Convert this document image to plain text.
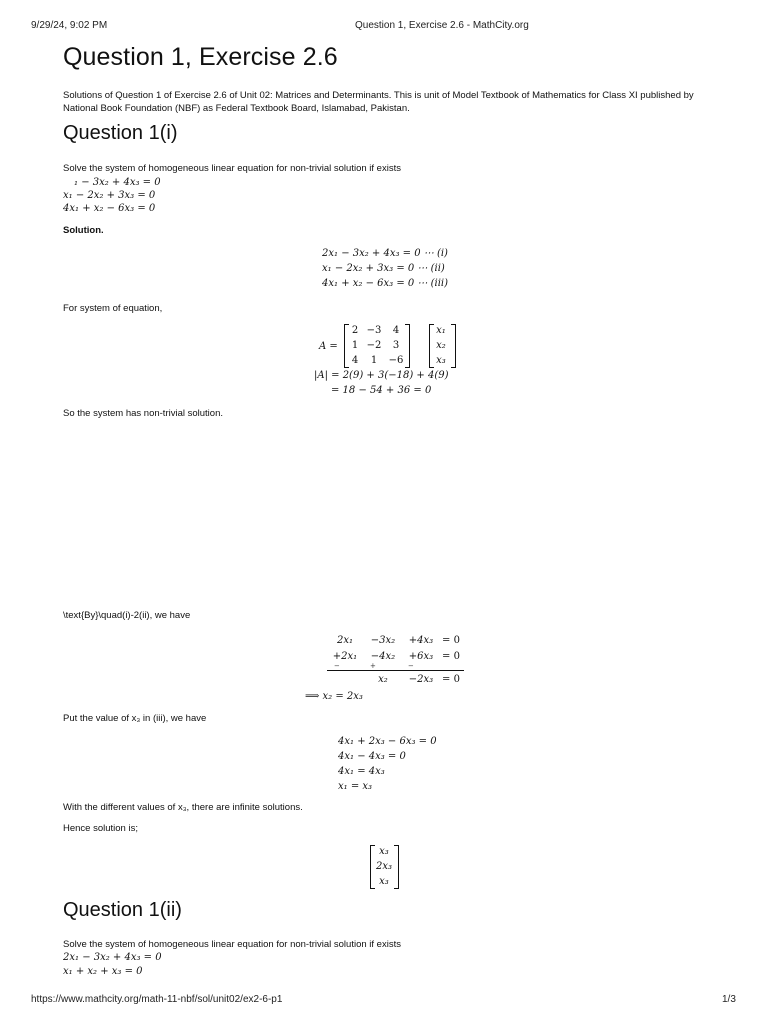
9/29/24, 9:02 PM	Question 1, Exercise 2.6 - MathCity.org
Question 1, Exercise 2.6
Solutions of Question 1 of Exercise 2.6 of Unit 02: Matrices and Determinants. This is unit of Model Textbook of Mathematics for Class XI published by
National Book Foundation (NBF) as Federal Textbook Board, Islamabad, Pakistan.
Question 1(i)
Solve the system of homogeneous linear equation for non-trivial solution if exists
₁ − 3x₂ + 4x₃ = 0
x₁ − 2x₂ + 3x₃ = 0
4x₁ + x₂ − 6x₃ = 0
Solution.
2x₁ − 3x₂ + 4x₃ = 0 ⋯ (i)
x₁ − 2x₂ + 3x₃ = 0 ⋯ (ii)
4x₁ + x₂ − 6x₃ = 0 ⋯ (iii)
For system of equation,
A =
2 −3	4
1 −2	3
4	1	−6
x₁
x₂
x₃
|A| = 2(9) + 3(−18) + 4(9)
= 18 − 54 + 36 = 0
So the system has non-trivial solution.
\text{By}\quad(i)-2(ii), we have
2x₁	−3x₂	+4x₃ = 0
+2x₁	−4x₂	+6x₃ = 0
−	+	−
x₂	−2x₃ = 0
⟹ x₂ = 2x₃
Put the value of x₃ in (iii), we have
4x₁ + 2x₃ − 6x₃ = 0
4x₁ − 4x₃ = 0
4x₁ = 4x₃
x₁ = x₃
With the different values of x₃, there are infinite solutions.
Hence solution is;
x₃
2x₃
x₃
Question 1(ii)
Solve the system of homogeneous linear equation for non-trivial solution if exists
2x₁ − 3x₂ + 4x₃ = 0
x₁ + x₂ + x₃ = 0
https://www.mathcity.org/math-11-nbf/sol/unit02/ex2-6-p1	1/3
